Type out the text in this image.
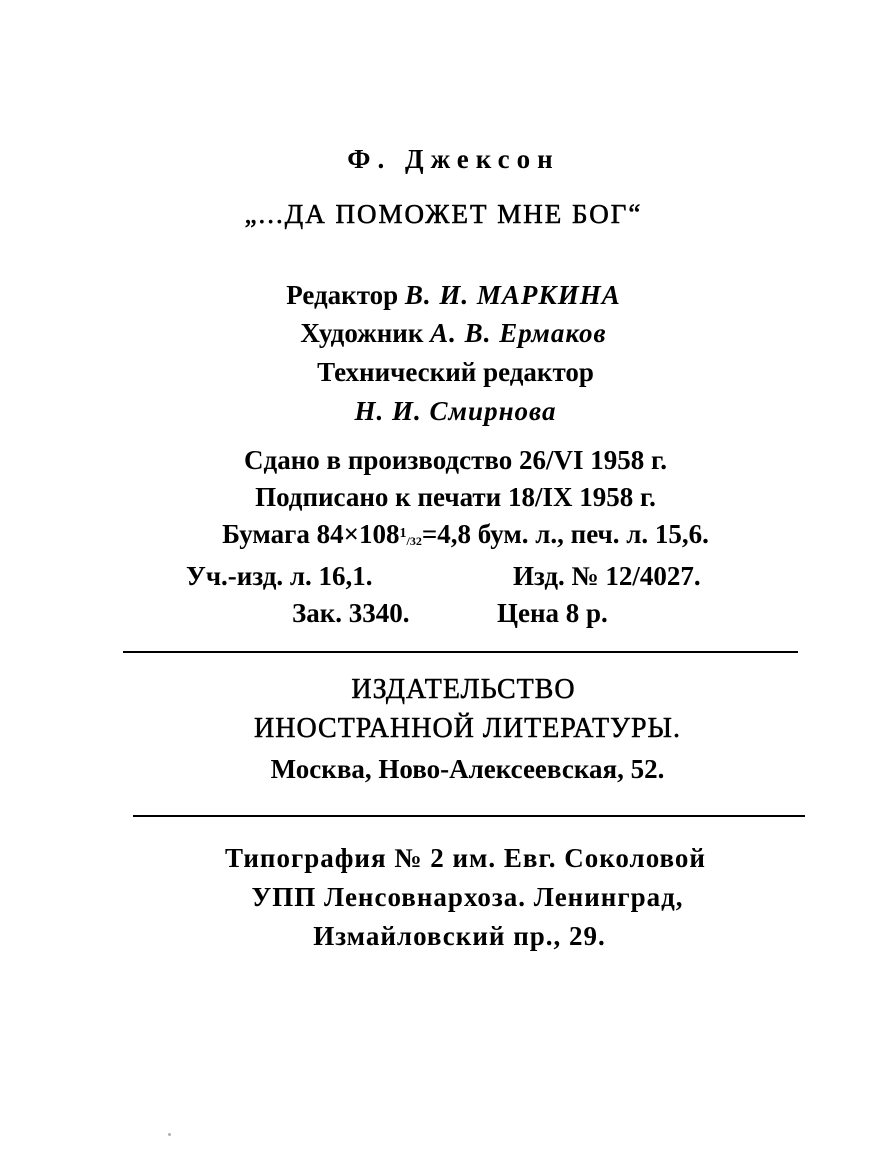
Ф. Джексон
„...ДА ПОМОЖЕТ МНЕ БОГ“
Редактор В. И. МАРКИНА
Художник А. В. Ермаков
Технический редактор
Н. И. Смирнова
Сдано в производство 26/VI 1958 г.
Подписано к печати 18/IX 1958 г.
Бумага $84\times 108^1/32=4,8$ бум. л., печ. л. 15,6.
Уч.-изд. л. 16,1.	Изд. № 12/4027.
Зак. 3340.	Цена 8 р.
ИЗДАТЕЛЬСТВО
ИНОСТРАННОЙ ЛИТЕРАТУРЫ.
Москва, Ново-Алексеевская, 52.
Типография № 2 им. Евг. Соколовой
УПП Ленсовнархоза. Ленинград,
Измайловский пр., 29.
